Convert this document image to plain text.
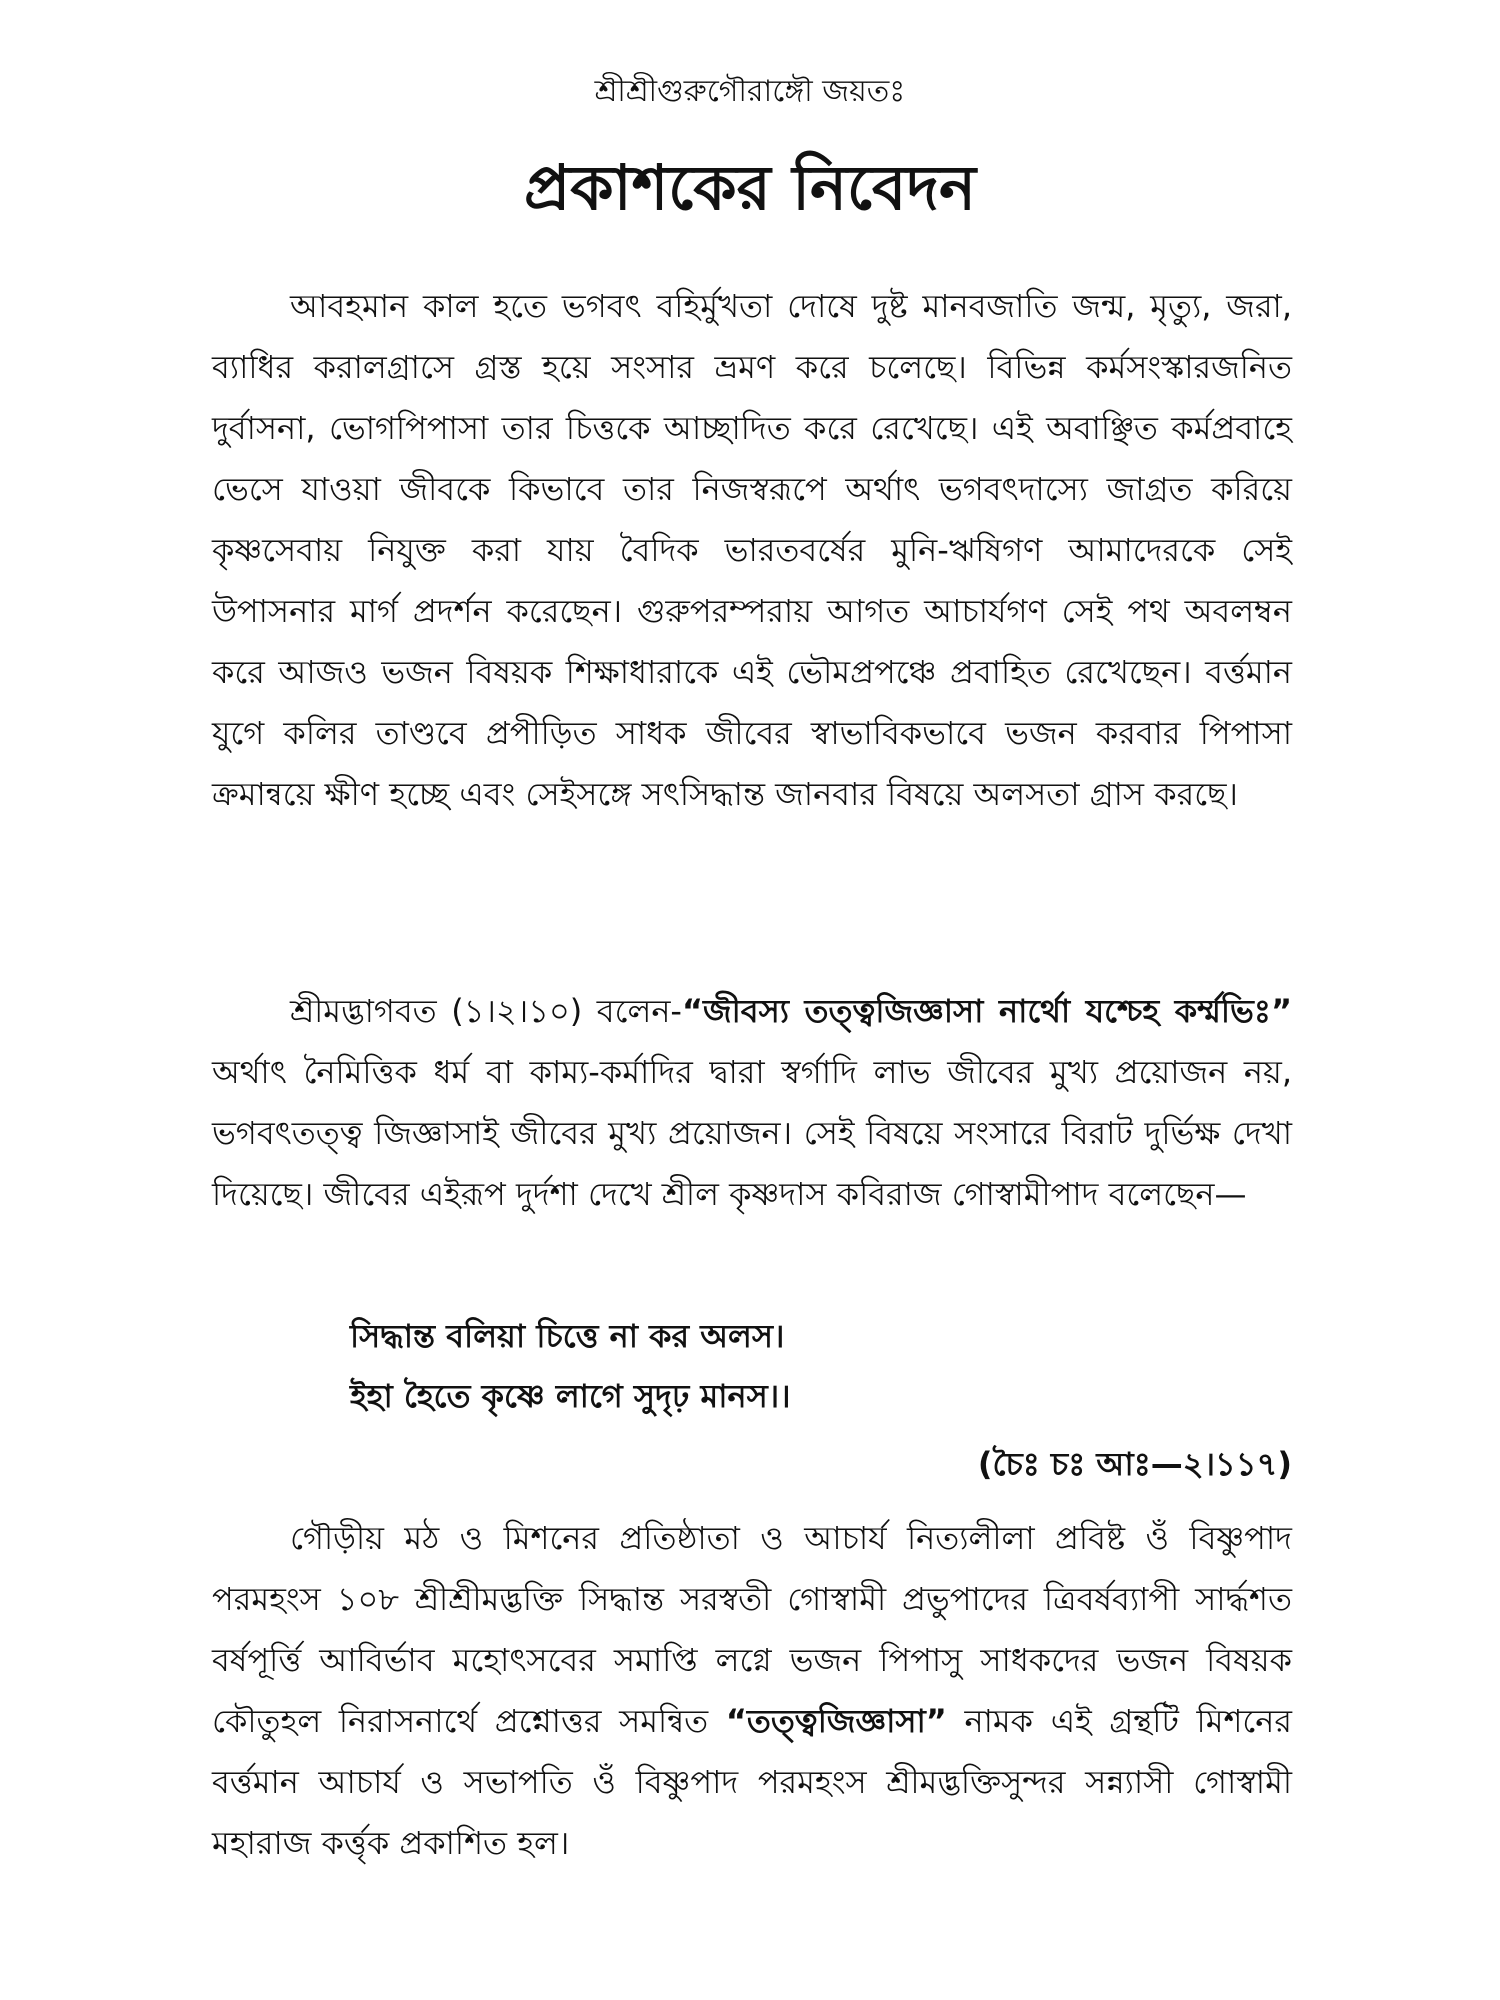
শ্রীশ্রীগুরুগৌরাঙ্গৌ জয়তঃ
প্রকাশকের নিবেদন

আবহমান কাল হতে ভগবৎ বহির্মুখতা দোষে দুষ্ট মানবজাতি জন্ম, মৃত্যু, জরা, ব্যাধির করালগ্রাসে গ্রস্ত হয়ে সংসার ভ্রমণ করে চলেছে। বিভিন্ন কর্মসংস্কারজনিত দুর্বাসনা, ভোগপিপাসা তার চিত্তকে আচ্ছাদিত করে রেখেছে। এই অবাঞ্ছিত কর্মপ্রবাহে ভেসে যাওয়া জীবকে কিভাবে তার নিজস্বরূপে অর্থাৎ ভগবৎদাস্যে জাগ্রত করিয়ে কৃষ্ণসেবায় নিযুক্ত করা যায় বৈদিক ভারতবর্ষের মুনি-ঋষিগণ আমাদেরকে সেই উপাসনার মার্গ প্রদর্শন করেছেন। গুরুপরম্পরায় আগত আচার্যগণ সেই পথ অবলম্বন করে আজও ভজন বিষয়ক শিক্ষাধারাকে এই ভৌমপ্রপঞ্চে প্রবাহিত রেখেছেন। বর্ত্তমান যুগে কলির তাণ্ডবে প্রপীড়িত সাধক জীবের স্বাভাবিকভাবে ভজন করবার পিপাসা ক্রমান্বয়ে ক্ষীণ হচ্ছে এবং সেইসঙ্গে সৎসিদ্ধান্ত জানবার বিষয়ে অলসতা গ্রাস করছে।

শ্রীমদ্ভাগবত (১।২।১০) বলেন-“জীবস্য তত্ত্বজিজ্ঞাসা নার্থো যশ্চেহ কর্ম্মভিঃ” অর্থাৎ নৈমিত্তিক ধর্ম বা কাম্য-কর্মাদির দ্বারা স্বর্গাদি লাভ জীবের মুখ্য প্রয়োজন নয়, ভগবৎতত্ত্ব জিজ্ঞাসাই জীবের মুখ্য প্রয়োজন। সেই বিষয়ে সংসারে বিরাট দুর্ভিক্ষ দেখা দিয়েছে। জীবের এইরূপ দুর্দশা দেখে শ্রীল কৃষ্ণদাস কবিরাজ গোস্বামীপাদ বলেছেন—

সিদ্ধান্ত বলিয়া চিত্তে না কর অলস।
ইহা হৈতে কৃষ্ণে লাগে সুদৃঢ় মানস।।
(চৈঃ চঃ আঃ—২।১১৭)

গৌড়ীয় মঠ ও মিশনের প্রতিষ্ঠাতা ও আচার্য নিত্যলীলা প্রবিষ্ট ওঁ বিষ্ণুপাদ পরমহংস ১০৮ শ্রীশ্রীমদ্ভক্তি সিদ্ধান্ত সরস্বতী গোস্বামী প্রভুপাদের ত্রিবর্ষব্যাপী সার্দ্ধশত বর্ষপূর্ত্তি আবির্ভাব মহোৎসবের সমাপ্তি লগ্নে ভজন পিপাসু সাধকদের ভজন বিষয়ক কৌতুহল নিরাসনার্থে প্রশ্নোত্তর সমন্বিত “তত্ত্বজিজ্ঞাসা” নামক এই গ্রন্থটি মিশনের বর্ত্তমান আচার্য ও সভাপতি ওঁ বিষ্ণুপাদ পরমহংস শ্রীমদ্ভক্তিসুন্দর সন্ন্যাসী গোস্বামী মহারাজ কর্ত্তৃক প্রকাশিত হল।
